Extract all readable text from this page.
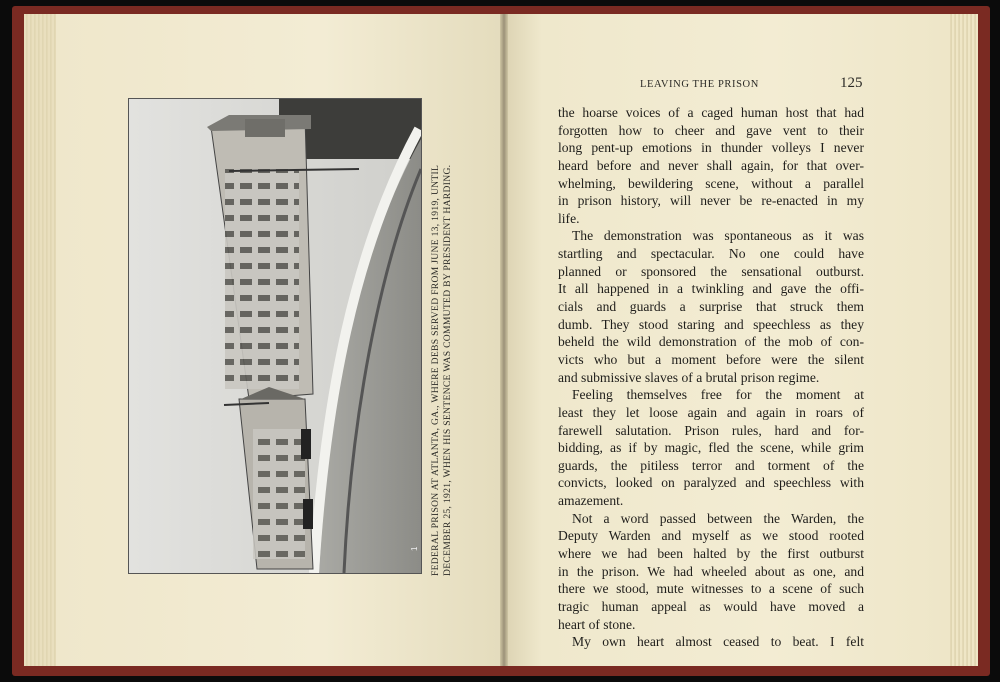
1 FEDERAL PRISON AT ATLANTA, GA., WHERE DEBS SERVED FROM JUNE 13, 1919, UNTIL DECEMBER 25, 1921, WHEN HIS SENTENCE WAS COMMUTED BY PRESIDENT HARDING.
LEAVING THE PRISON	125
the hoarse voices of a caged human host that had
forgotten how to cheer and gave vent to their
long pent-up emotions in thunder volleys I never
heard before and never shall again, for that over-
whelming, bewildering scene, without a parallel
in prison history, will never be re-enacted in my
life.
The demonstration was spontaneous as it was
startling and spectacular. No one could have
planned or sponsored the sensational outburst.
It all happened in a twinkling and gave the offi-
cials and guards a surprise that struck them
dumb. They stood staring and speechless as they
beheld the wild demonstration of the mob of con-
victs who but a moment before were the silent
and submissive slaves of a brutal prison regime.
Feeling themselves free for the moment at
least they let loose again and again in roars of
farewell salutation. Prison rules, hard and for-
bidding, as if by magic, fled the scene, while grim
guards, the pitiless terror and torment of the
convicts, looked on paralyzed and speechless with
amazement.
Not a word passed between the Warden, the
Deputy Warden and myself as we stood rooted
where we had been halted by the first outburst
in the prison. We had wheeled about as one, and
there we stood, mute witnesses to a scene of such
tragic human appeal as would have moved a
heart of stone.
My own heart almost ceased to beat. I felt
